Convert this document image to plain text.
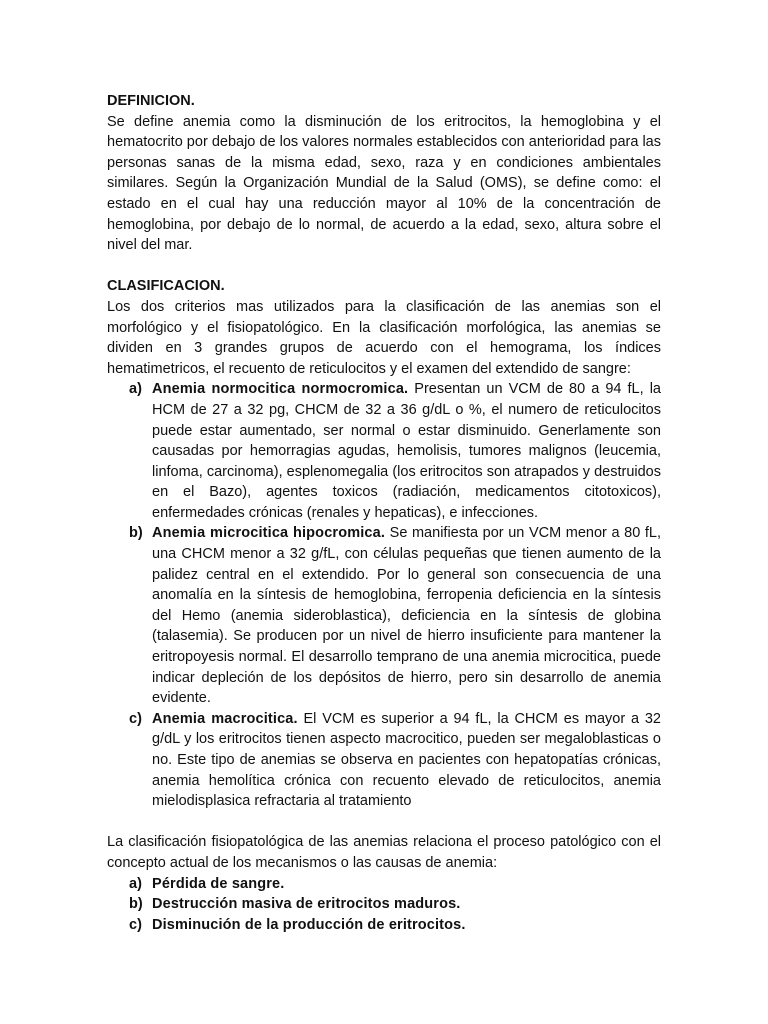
DEFINICION.

Se define anemia como la disminución de los eritrocitos, la hemoglobina y el hematocrito por debajo de los valores normales establecidos con anterioridad para las personas sanas de la misma edad, sexo, raza y en condiciones ambientales similares. Según la Organización Mundial de la Salud (OMS), se define como: el estado en el cual hay una reducción mayor al 10% de la concentración de hemoglobina, por debajo de lo normal, de acuerdo a la edad, sexo, altura sobre el nivel del mar.

CLASIFICACION.

Los dos criterios mas utilizados para la clasificación de las anemias son el morfológico y el fisiopatológico. En la clasificación morfológica, las anemias se dividen en 3 grandes grupos de acuerdo con el hemograma, los índices hematimetricos, el recuento de reticulocitos y el examen del extendido de sangre:

a) Anemia normocitica normocromica. Presentan un VCM de 80 a 94 fL, la HCM de 27 a 32 pg, CHCM de 32 a 36 g/dL o %, el numero de reticulocitos puede estar aumentado, ser normal o estar disminuido. Generlamente son causadas por hemorragias agudas, hemolisis, tumores malignos (leucemia, linfoma, carcinoma), esplenomegalia (los eritrocitos son atrapados y destruidos en el Bazo), agentes toxicos (radiación, medicamentos citotoxicos), enfermedades crónicas (renales y hepaticas), e infecciones.
b) Anemia microcitica hipocromica. Se manifiesta por un VCM menor a 80 fL, una CHCM menor a 32 g/fL, con células pequeñas que tienen aumento de la palidez central en el extendido. Por lo general son consecuencia de una anomalía en la síntesis de hemoglobina, ferropenia deficiencia en la síntesis del Hemo (anemia sideroblastica), deficiencia en la síntesis de globina (talasemia). Se producen por un nivel de hierro insuficiente para mantener la eritropoyesis normal. El desarrollo temprano de una anemia microcitica, puede indicar depleción de los depósitos de hierro, pero sin desarrollo de anemia evidente.
c) Anemia macrocitica. El VCM es superior a 94 fL, la CHCM es mayor a 32 g/dL y los eritrocitos tienen aspecto macrocitico, pueden ser megaloblasticas o no. Este tipo de anemias se observa en pacientes con hepatopatías crónicas, anemia hemolítica crónica con recuento elevado de reticulocitos, anemia mielodisplasica refractaria al tratamiento

La clasificación fisiopatológica de las anemias relaciona el proceso patológico con el concepto actual de los mecanismos o las causas de anemia:

a) Pérdida de sangre.
b) Destrucción masiva de eritrocitos maduros.
c) Disminución de la producción de eritrocitos.
